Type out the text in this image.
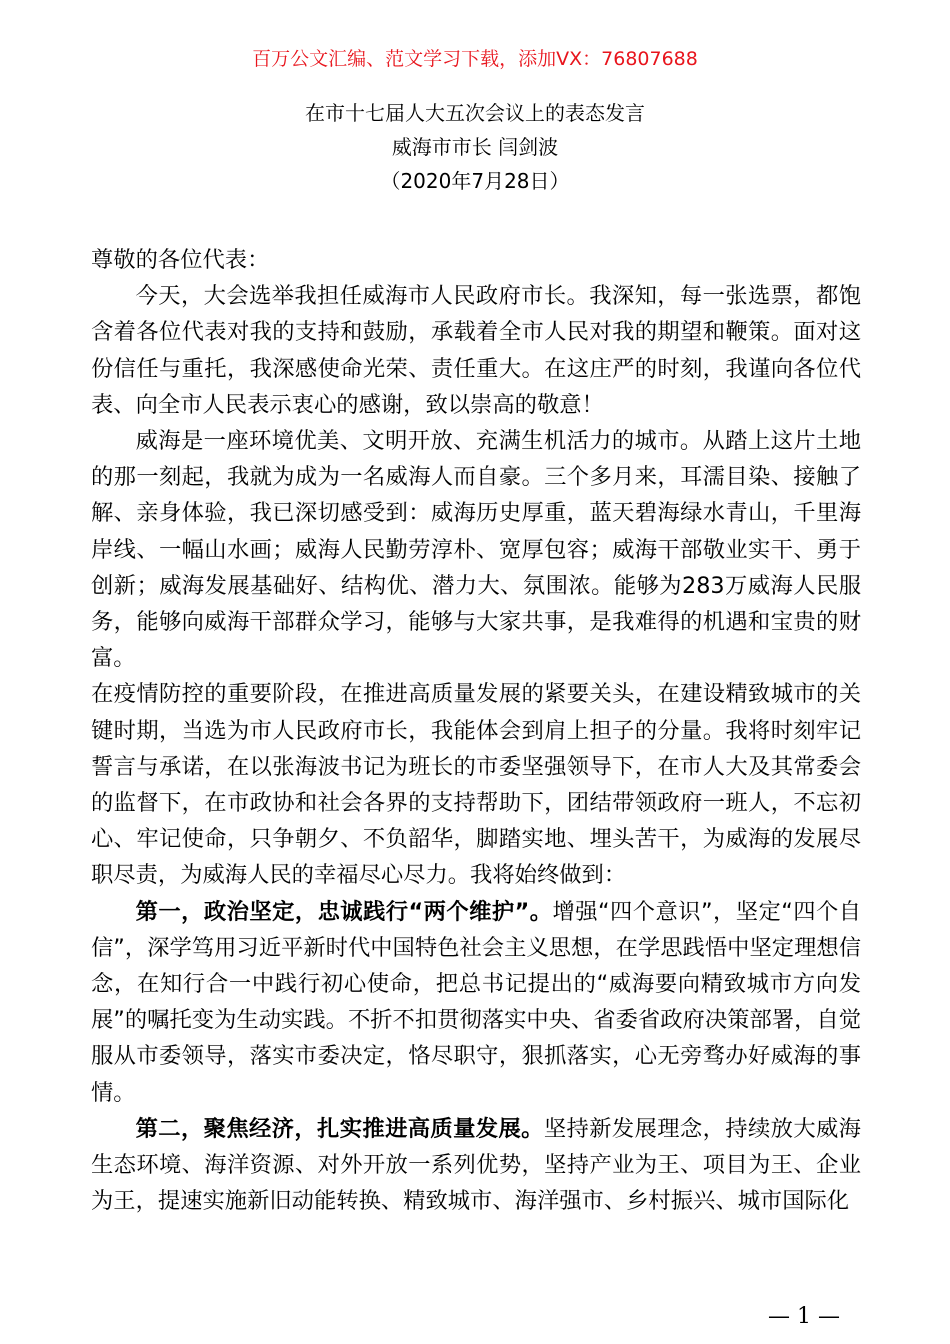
百万公文汇编、范文学习下载，添加VX：76807688
在市十七届人大五次会议上的表态发言
威海市市长 闫剑波
（2020年7月28日）

尊敬的各位代表：

今天，大会选举我担任威海市人民政府市长。我深知，每一张选票，都饱含着各位代表对我的支持和鼓励，承载着全市人民对我的期望和鞭策。面对这份信任与重托，我深感使命光荣、责任重大。在这庄严的时刻，我谨向各位代表、向全市人民表示衷心的感谢，致以崇高的敬意！

威海是一座环境优美、文明开放、充满生机活力的城市。从踏上这片土地的那一刻起，我就为成为一名威海人而自豪。三个多月来，耳濡目染、接触了解、亲身体验，我已深切感受到：威海历史厚重，蓝天碧海绿水青山，千里海岸线、一幅山水画；威海人民勤劳淳朴、宽厚包容；威海干部敬业实干、勇于创新；威海发展基础好、结构优、潜力大、氛围浓。能够为283万威海人民服务，能够向威海干部群众学习，能够与大家共事，是我难得的机遇和宝贵的财富。

在疫情防控的重要阶段，在推进高质量发展的紧要关头，在建设精致城市的关键时期，当选为市人民政府市长，我能体会到肩上担子的分量。我将时刻牢记誓言与承诺，在以张海波书记为班长的市委坚强领导下，在市人大及其常委会的监督下，在市政协和社会各界的支持帮助下，团结带领政府一班人，不忘初心、牢记使命，只争朝夕、不负韶华，脚踏实地、埋头苦干，为威海的发展尽职尽责，为威海人民的幸福尽心尽力。我将始终做到：

第一，政治坚定，忠诚践行“两个维护”。增强“四个意识”，坚定“四个自信”，深学笃用习近平新时代中国特色社会主义思想，在学思践悟中坚定理想信念，在知行合一中践行初心使命，把总书记提出的“威海要向精致城市方向发展”的嘱托变为生动实践。不折不扣贯彻落实中央、省委省政府决策部署，自觉服从市委领导，落实市委决定，恪尽职守，狠抓落实，心无旁骛办好威海的事情。

第二，聚焦经济，扎实推进高质量发展。坚持新发展理念，持续放大威海生态环境、海洋资源、对外开放一系列优势，坚持产业为王、项目为王、企业为王，提速实施新旧动能转换、精致城市、海洋强市、乡村振兴、城市国际化

— 1 —
